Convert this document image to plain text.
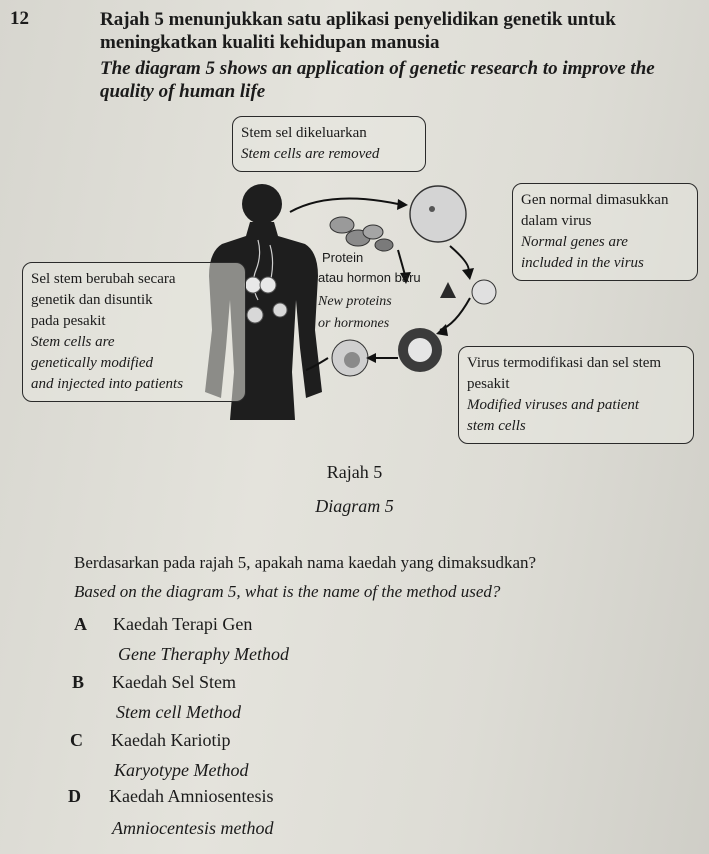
12	Rajah 5 menunjukkan satu aplikasi penyelidikan genetik untuk meningkatkan kualiti kehidupan manusia
The diagram 5 shows an application of genetic research to improve the quality of human life
Stem sel dikeluarkan
Stem cells are removed
Gen normal dimasukkan
dalam virus
Normal genes are
included in the virus
Sel stem berubah secara
genetik dan disuntik
pada pesakit
Stem cells are
genetically modified
and injected into patients
Virus termodifikasi dan sel stem
pesakit
Modified viruses and patient
stem cells
Protein
atau hormon baru
New proteins
or hormones
Rajah 5
Diagram 5
Berdasarkan pada rajah 5, apakah nama kaedah yang dimaksudkan?
Based on the diagram 5, what is the name of the method used?
A Kaedah Terapi Gen
Gene Theraphy Method
B Kaedah Sel Stem
Stem cell Method
C Kaedah Kariotip
Karyotype Method
D Kaedah Amniosentesis
Amniocentesis method
